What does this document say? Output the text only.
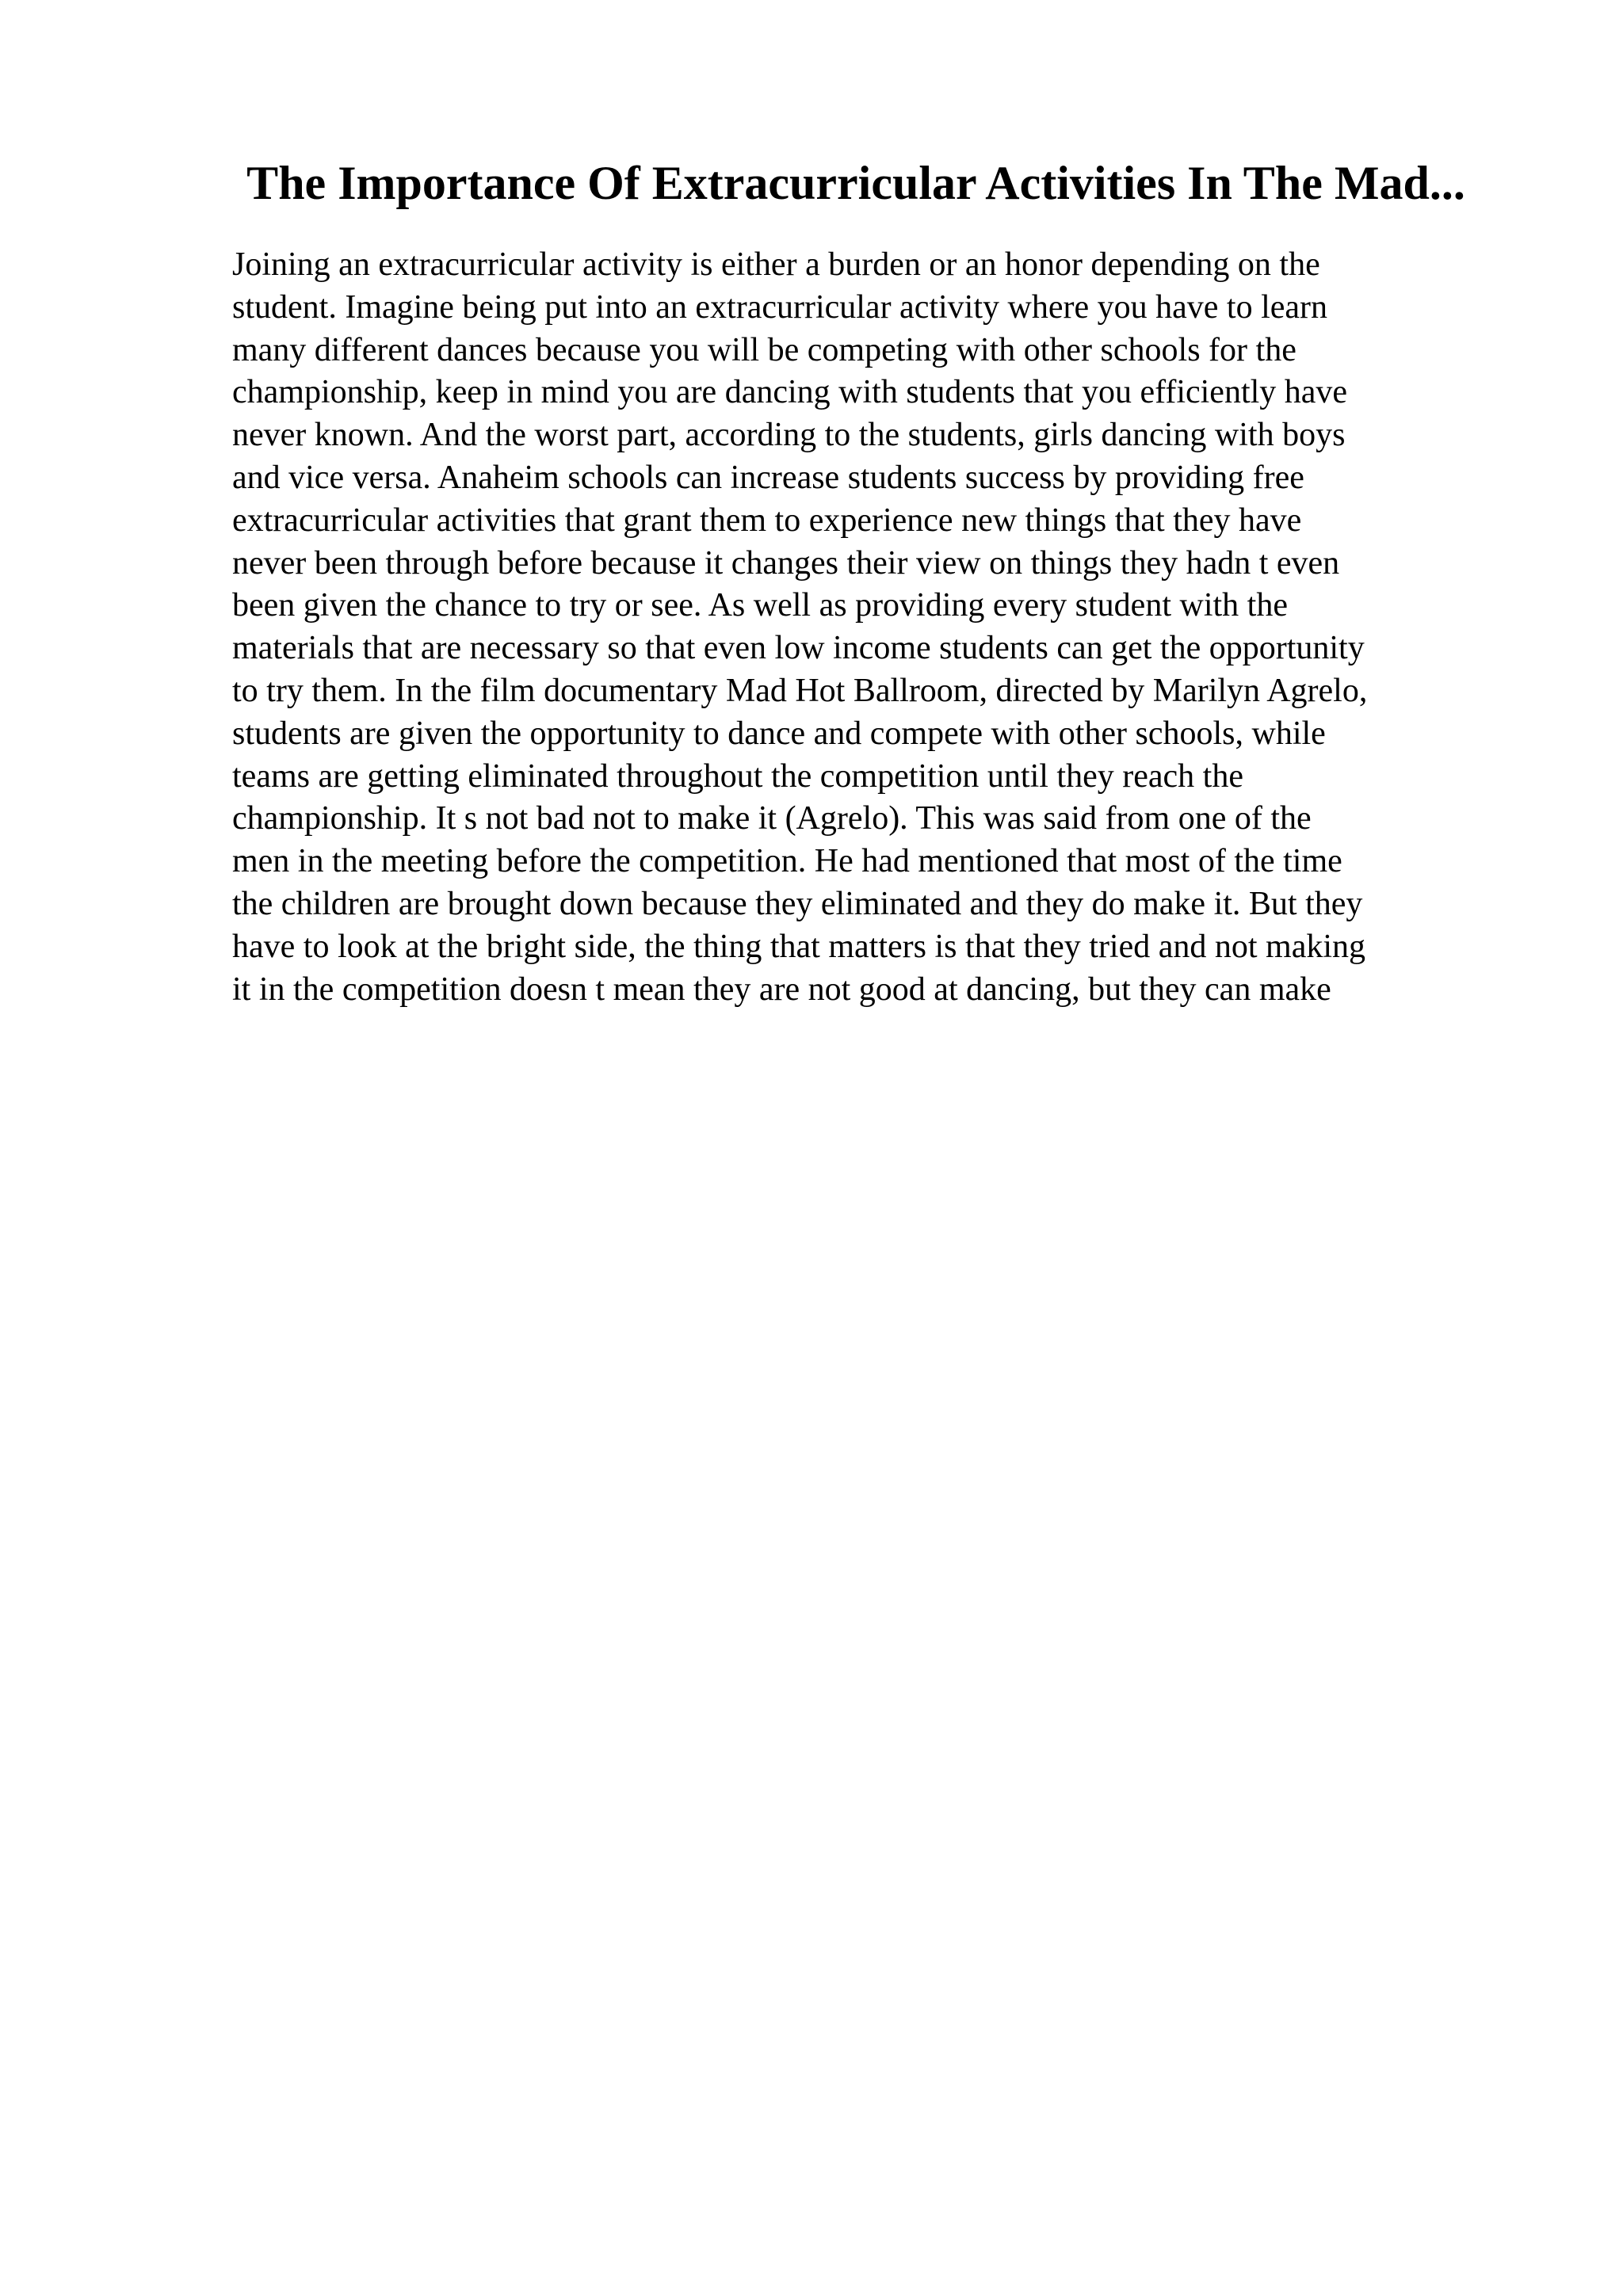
The Importance Of Extracurricular Activities In The Mad...
Joining an extracurricular activity is either a burden or an honor depending on the
student. Imagine being put into an extracurricular activity where you have to learn
many different dances because you will be competing with other schools for the
championship, keep in mind you are dancing with students that you efficiently have
never known. And the worst part, according to the students, girls dancing with boys
and vice versa. Anaheim schools can increase students success by providing free
extracurricular activities that grant them to experience new things that they have
never been through before because it changes their view on things they hadn t even
been given the chance to try or see. As well as providing every student with the
materials that are necessary so that even low income students can get the opportunity
to try them. In the film documentary Mad Hot Ballroom, directed by Marilyn Agrelo,
students are given the opportunity to dance and compete with other schools, while
teams are getting eliminated throughout the competition until they reach the
championship. It s not bad not to make it (Agrelo). This was said from one of the
men in the meeting before the competition. He had mentioned that most of the time
the children are brought down because they eliminated and they do make it. But they
have to look at the bright side, the thing that matters is that they tried and not making
it in the competition doesn t mean they are not good at dancing, but they can make
